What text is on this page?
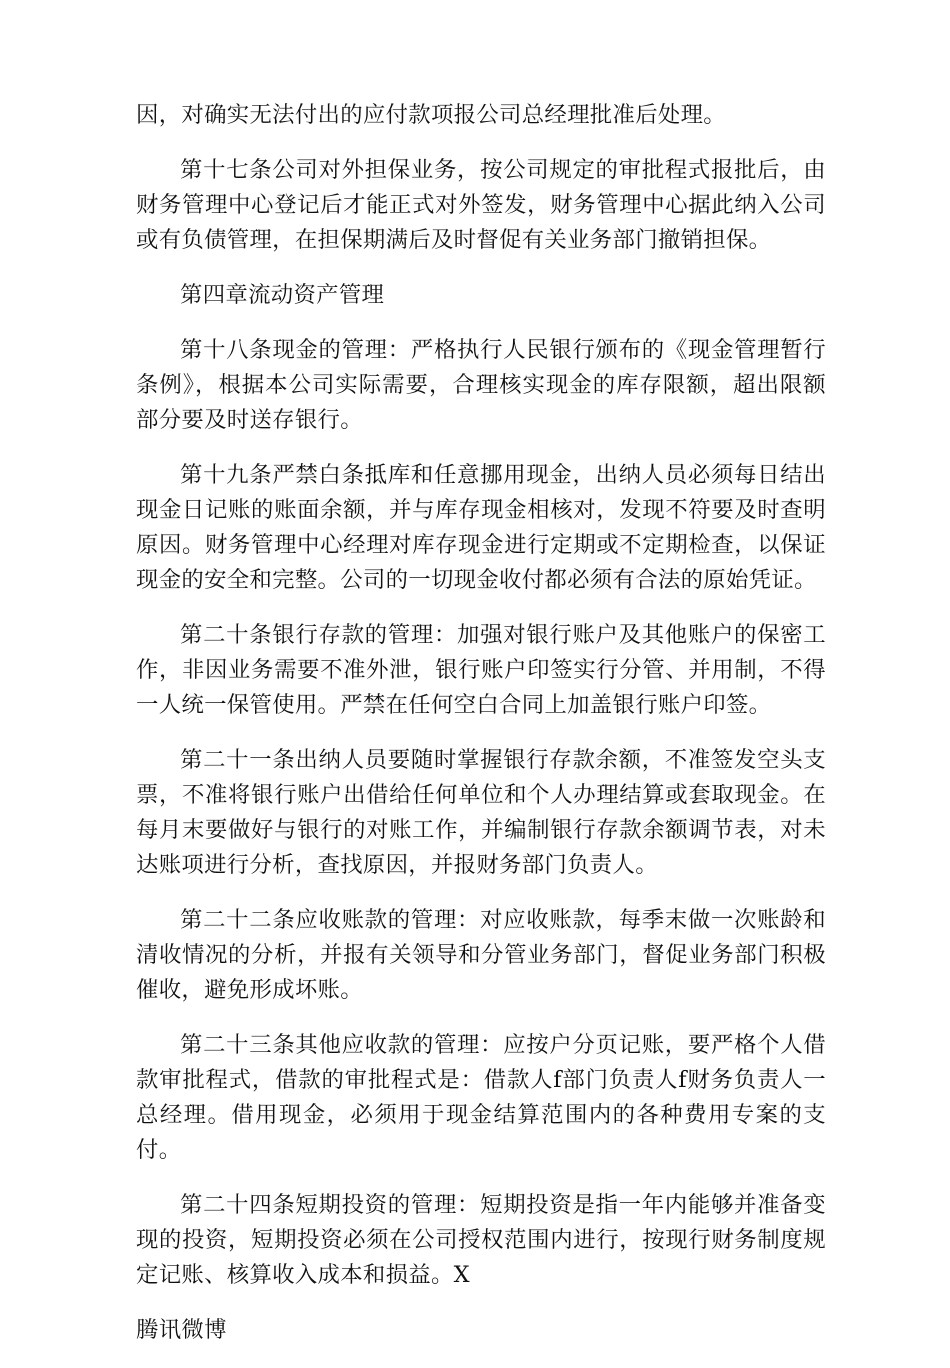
因，对确实无法付出的应付款项报公司总经理批准后处理。

第十七条公司对外担保业务，按公司规定的审批程式报批后，由财务管理中心登记后才能正式对外签发，财务管理中心据此纳入公司或有负债管理，在担保期满后及时督促有关业务部门撤销担保。

第四章流动资产管理

第十八条现金的管理：严格执行人民银行颁布的《现金管理暂行条例》，根据本公司实际需要，合理核实现金的库存限额，超出限额部分要及时送存银行。

第十九条严禁白条抵库和任意挪用现金，出纳人员必须每日结出现金日记账的账面余额，并与库存现金相核对，发现不符要及时查明原因。财务管理中心经理对库存现金进行定期或不定期检查，以保证现金的安全和完整。公司的一切现金收付都必须有合法的原始凭证。

第二十条银行存款的管理：加强对银行账户及其他账户的保密工作，非因业务需要不准外泄，银行账户印签实行分管、并用制，不得一人统一保管使用。严禁在任何空白合同上加盖银行账户印签。

第二十一条出纳人员要随时掌握银行存款余额，不准签发空头支票，不准将银行账户出借给任何单位和个人办理结算或套取现金。在每月末要做好与银行的对账工作，并编制银行存款余额调节表，对未达账项进行分析，查找原因，并报财务部门负责人。

第二十二条应收账款的管理：对应收账款，每季末做一次账龄和清收情况的分析，并报有关领导和分管业务部门，督促业务部门积极催收，避免形成坏账。

第二十三条其他应收款的管理：应按户分页记账，要严格个人借款审批程式，借款的审批程式是：借款人f部门负责人f财务负责人一总经理。借用现金，必须用于现金结算范围内的各种费用专案的支付。

第二十四条短期投资的管理：短期投资是指一年内能够并准备变现的投资，短期投资必须在公司授权范围内进行，按现行财务制度规定记账、核算收入成本和损益。X

腾讯微博
